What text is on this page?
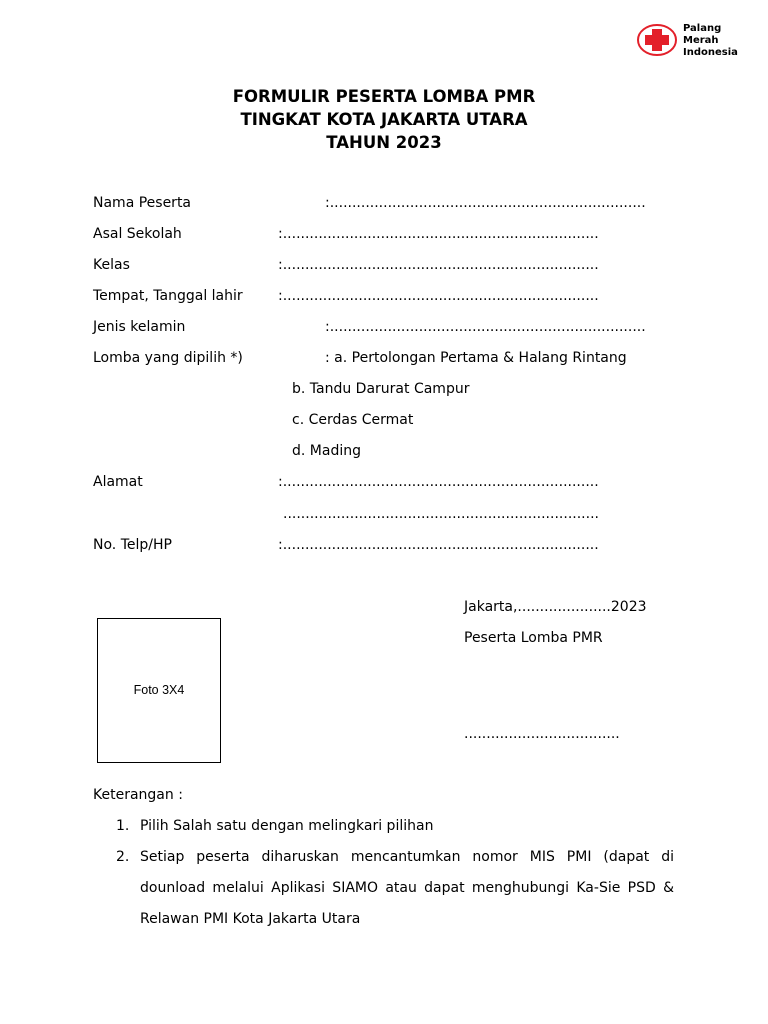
Palang
Merah
Indonesia
FORMULIR PESERTA LOMBA PMR
TINGKAT KOTA JAKARTA UTARA
TAHUN 2023
Nama Peserta	:.......................................................................
Asal Sekolah	:.......................................................................
Kelas	:.......................................................................
Tempat, Tanggal lahir	:.......................................................................
Jenis kelamin	:.......................................................................
Lomba yang dipilih *)	: a. Pertolongan Pertama & Halang Rintang
b. Tandu Darurat Campur
c. Cerdas Cermat
d. Mading
Alamat	:.......................................................................
.......................................................................
No. Telp/HP	:.......................................................................
Jakarta,.....................2023
Peserta Lomba PMR
...................................
Foto 3X4
Keterangan :
1. Pilih Salah satu dengan melingkari pilihan
2. Setiap peserta diharuskan mencantumkan nomor MIS PMI (dapat di
dounload melalui Aplikasi SIAMO atau dapat menghubungi Ka-Sie PSD &
Relawan PMI Kota Jakarta Utara
